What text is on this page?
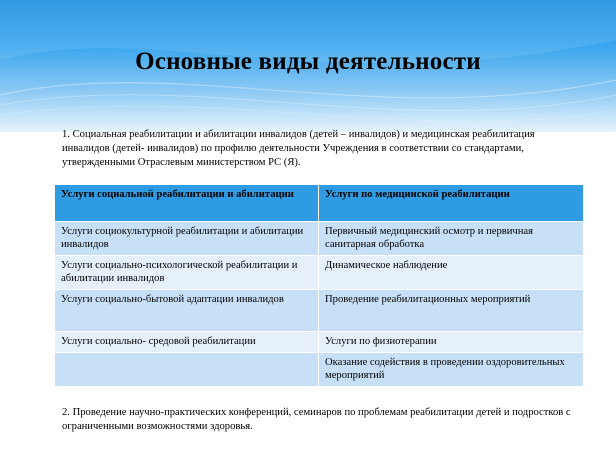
Основные виды деятельности
1. Социальная реабилитации и абилитации инвалидов (детей – инвалидов) и медицинская реабилитация инвалидов (детей- инвалидов) по профилю деятельности Учреждения в соответствии со стандартами, утвержденными Отраслевым министерством РС (Я).
Услуги социальной реабилитации и абилитации	Услуги по медицинской реабилитации
Услуги социокультурной реабилитации и абилитации инвалидов	Первичный медицинский осмотр и первичная санитарная обработка
Услуги социально-психологической реабилитации и абилитации инвалидов	Динамическое наблюдение
Услуги социально-бытовой адаптации инвалидов	Проведение реабилитационных мероприятий
Услуги социально- средовой реабилитации	Услуги по физиотерапии
	Оказание содействия в проведении оздоровительных мероприятий
2. Проведение научно-практических конференций, семинаров по проблемам реабилитации детей и подростков с ограниченными возможностями здоровья.
